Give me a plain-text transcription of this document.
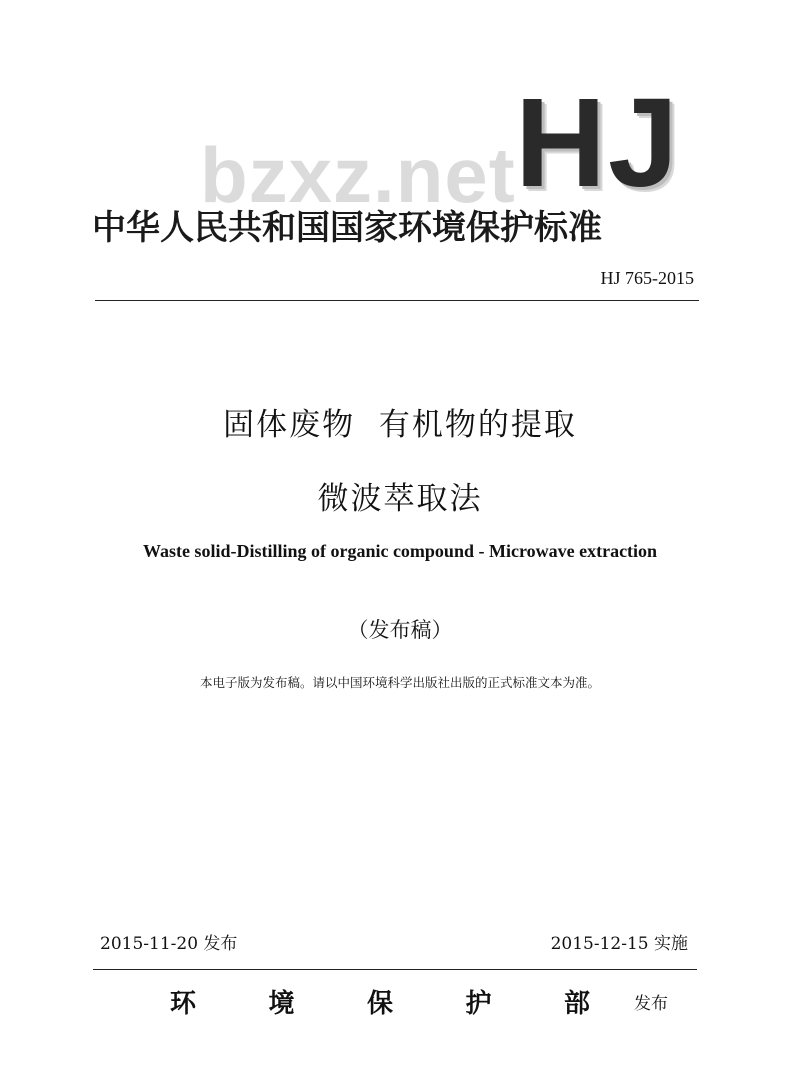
HJ
bzxz.net
中华人民共和国国家环境保护标准
HJ 765-2015
固体废物  有机物的提取
微波萃取法
Waste solid-Distilling of organic compound - Microwave extraction
（发布稿）
本电子版为发布稿。请以中国环境科学出版社出版的正式标准文本为准。
2015-11-20 发布	2015-12-15 实施
环	境	保	护	部	发布
